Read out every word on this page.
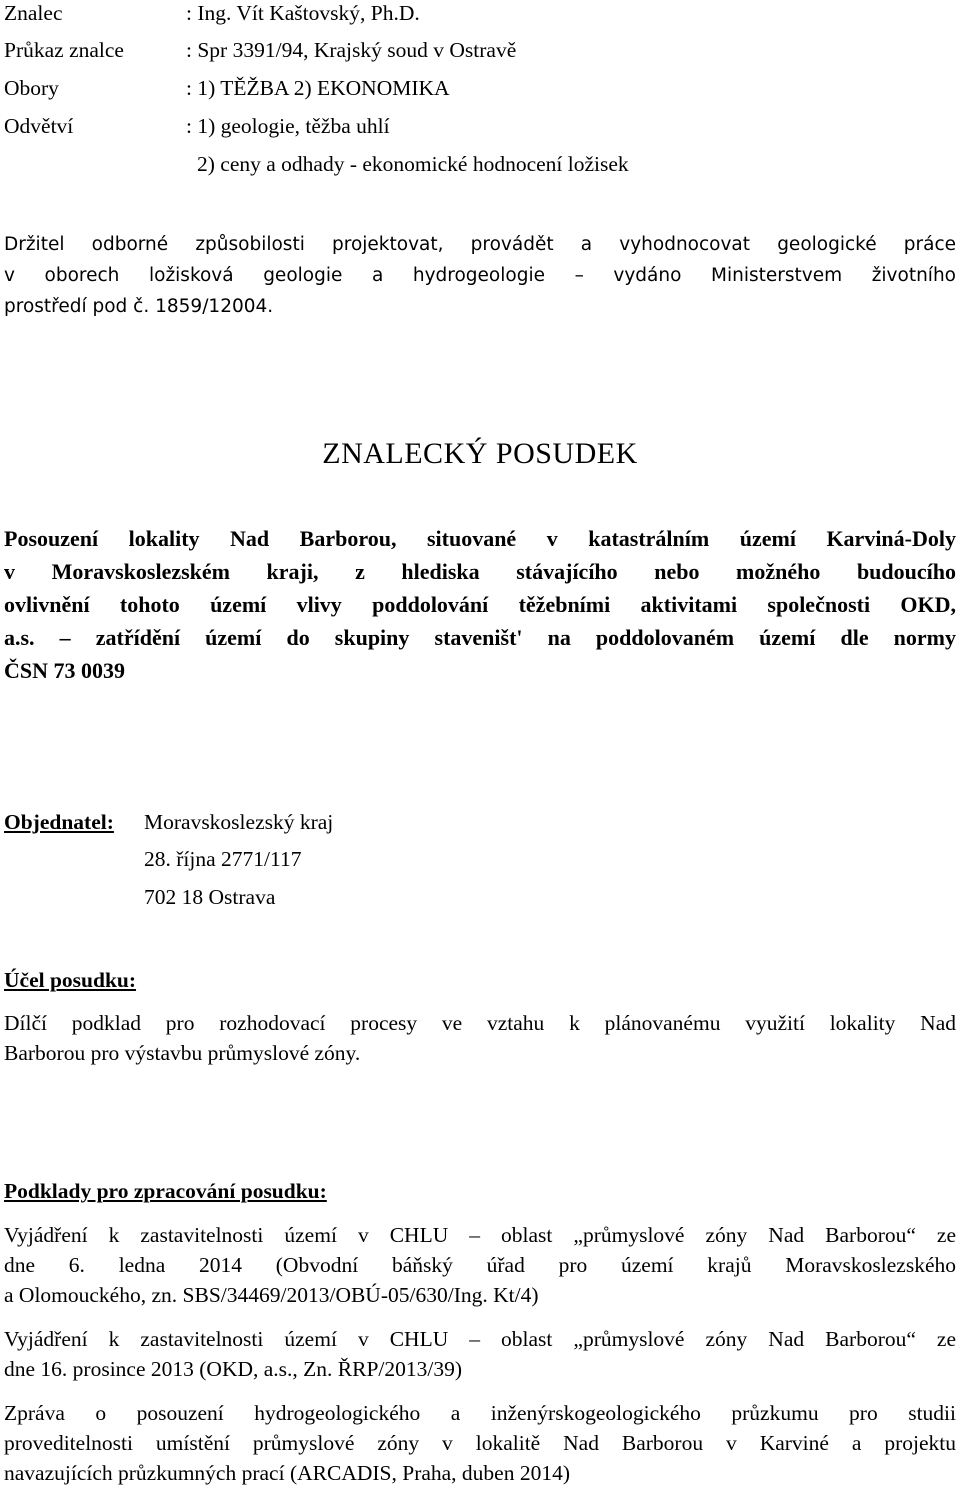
Znalec	: Ing. Vít Kaštovský, Ph.D.
Průkaz znalce	: Spr 3391/94, Krajský soud v Ostravě
Obory	: 1) TĚŽBA 2) EKONOMIKA
Odvětví	: 1) geologie, těžba uhlí
2) ceny a odhady - ekonomické hodnocení ložisek
Držitel odborné způsobilosti projektovat, provádět a vyhodnocovat geologické práce
v oborech ložisková geologie a hydrogeologie – vydáno Ministerstvem životního
prostředí pod č. 1859/12004.
ZNALECKÝ POSUDEK
Posouzení lokality Nad Barborou, situované v katastrálním území Karviná-Doly
v Moravskoslezském kraji, z hlediska stávajícího nebo možného budoucího
ovlivnění tohoto území vlivy poddolování těžebními aktivitami společnosti OKD,
a.s. – zatřídění území do skupiny staveništ' na poddolovaném území dle normy
ČSN 73 0039
Objednatel: Moravskoslezský kraj
28. října 2771/117
702 18 Ostrava
Účel posudku:
Dílčí podklad pro rozhodovací procesy ve vztahu k plánovanému využití lokality Nad
Barborou pro výstavbu průmyslové zóny.
Podklady pro zpracování posudku:
Vyjádření k zastavitelnosti území v CHLU – oblast „průmyslové zóny Nad Barborou“ ze
dne 6. ledna 2014 (Obvodní báňský úřad pro území krajů Moravskoslezského
a Olomouckého, zn. SBS/34469/2013/OBÚ-05/630/Ing. Kt/4)
Vyjádření k zastavitelnosti území v CHLU – oblast „průmyslové zóny Nad Barborou“ ze
dne 16. prosince 2013 (OKD, a.s., Zn. ŘRP/2013/39)
Zpráva o posouzení hydrogeologického a inženýrskogeologického průzkumu pro studii
proveditelnosti umístění průmyslové zóny v lokalitě Nad Barborou v Karviné a projektu
navazujících průzkumných prací (ARCADIS, Praha, duben 2014)
